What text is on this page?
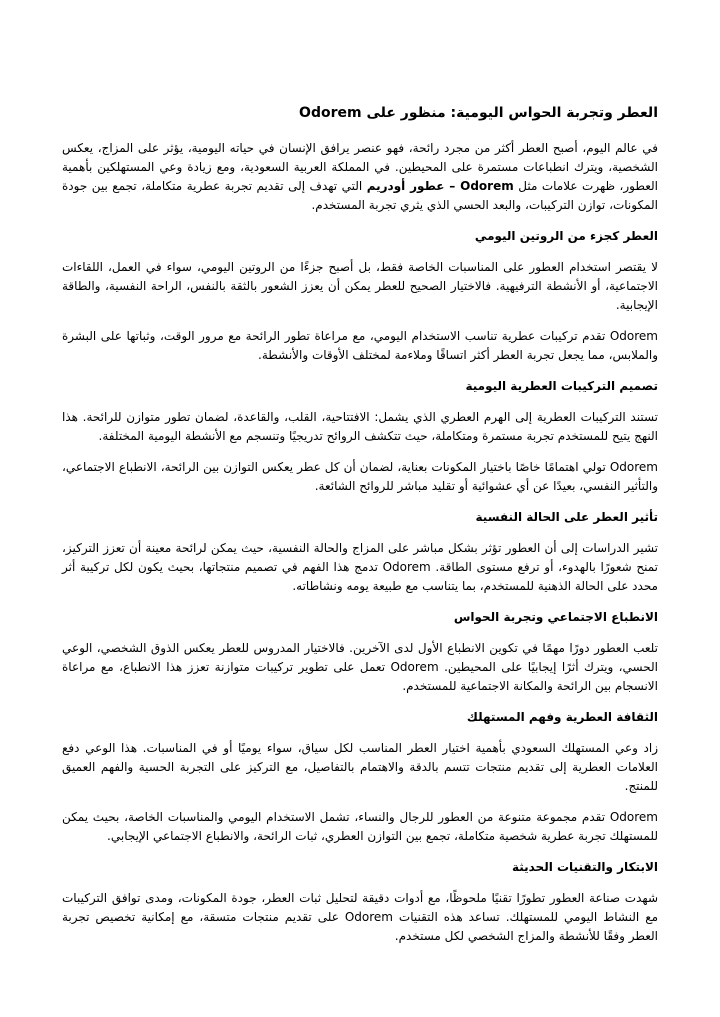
العطر وتجربة الحواس اليومية: منظور على Odorem

في عالم اليوم، أصبح العطر أكثر من مجرد رائحة، فهو عنصر يرافق الإنسان في حياته اليومية، يؤثر على المزاج، يعكس الشخصية، ويترك انطباعات مستمرة على المحيطين. في المملكة العربية السعودية، ومع زيادة وعي المستهلكين بأهمية العطور، ظهرت علامات مثل Odorem – عطور أودريم التي تهدف إلى تقديم تجربة عطرية متكاملة، تجمع بين جودة المكونات، توازن التركيبات، والبعد الحسي الذي يثري تجربة المستخدم.

العطر كجزء من الروتين اليومي

لا يقتصر استخدام العطور على المناسبات الخاصة فقط، بل أصبح جزءًا من الروتين اليومي، سواء في العمل، اللقاءات الاجتماعية، أو الأنشطة الترفيهية. فالاختيار الصحيح للعطر يمكن أن يعزز الشعور بالثقة بالنفس، الراحة النفسية، والطاقة الإيجابية.

Odorem تقدم تركيبات عطرية تناسب الاستخدام اليومي، مع مراعاة تطور الرائحة مع مرور الوقت، وثباتها على البشرة والملابس، مما يجعل تجربة العطر أكثر اتساقًا وملاءمة لمختلف الأوقات والأنشطة.

تصميم التركيبات العطرية اليومية

تستند التركيبات العطرية إلى الهرم العطري الذي يشمل: الافتتاحية، القلب، والقاعدة، لضمان تطور متوازن للرائحة. هذا النهج يتيح للمستخدم تجربة مستمرة ومتكاملة، حيث تتكشف الروائح تدريجيًا وتنسجم مع الأنشطة اليومية المختلفة.

Odorem تولي اهتمامًا خاصًا باختيار المكونات بعناية، لضمان أن كل عطر يعكس التوازن بين الرائحة، الانطباع الاجتماعي، والتأثير النفسي، بعيدًا عن أي عشوائية أو تقليد مباشر للروائح الشائعة.

تأثير العطر على الحالة النفسية

تشير الدراسات إلى أن العطور تؤثر بشكل مباشر على المزاج والحالة النفسية، حيث يمكن لرائحة معينة أن تعزز التركيز، تمنح شعورًا بالهدوء، أو ترفع مستوى الطاقة. Odorem تدمج هذا الفهم في تصميم منتجاتها، بحيث يكون لكل تركيبة أثر محدد على الحالة الذهنية للمستخدم، بما يتناسب مع طبيعة يومه ونشاطاته.

الانطباع الاجتماعي وتجربة الحواس

تلعب العطور دورًا مهمًا في تكوين الانطباع الأول لدى الآخرين. فالاختيار المدروس للعطر يعكس الذوق الشخصي، الوعي الحسي، ويترك أثرًا إيجابيًا على المحيطين. Odorem تعمل على تطوير تركيبات متوازنة تعزز هذا الانطباع، مع مراعاة الانسجام بين الرائحة والمكانة الاجتماعية للمستخدم.

الثقافة العطرية وفهم المستهلك

زاد وعي المستهلك السعودي بأهمية اختيار العطر المناسب لكل سياق، سواء يوميًا أو في المناسبات. هذا الوعي دفع العلامات العطرية إلى تقديم منتجات تتسم بالدقة والاهتمام بالتفاصيل، مع التركيز على التجربة الحسية والفهم العميق للمنتج.

Odorem تقدم مجموعة متنوعة من العطور للرجال والنساء، تشمل الاستخدام اليومي والمناسبات الخاصة، بحيث يمكن للمستهلك تجربة عطرية شخصية متكاملة، تجمع بين التوازن العطري، ثبات الرائحة، والانطباع الاجتماعي الإيجابي.

الابتكار والتقنيات الحديثة

شهدت صناعة العطور تطورًا تقنيًا ملحوظًا، مع أدوات دقيقة لتحليل ثبات العطر، جودة المكونات، ومدى توافق التركيبات مع النشاط اليومي للمستهلك. تساعد هذه التقنيات Odorem على تقديم منتجات متسقة، مع إمكانية تخصيص تجربة العطر وفقًا للأنشطة والمزاج الشخصي لكل مستخدم.
